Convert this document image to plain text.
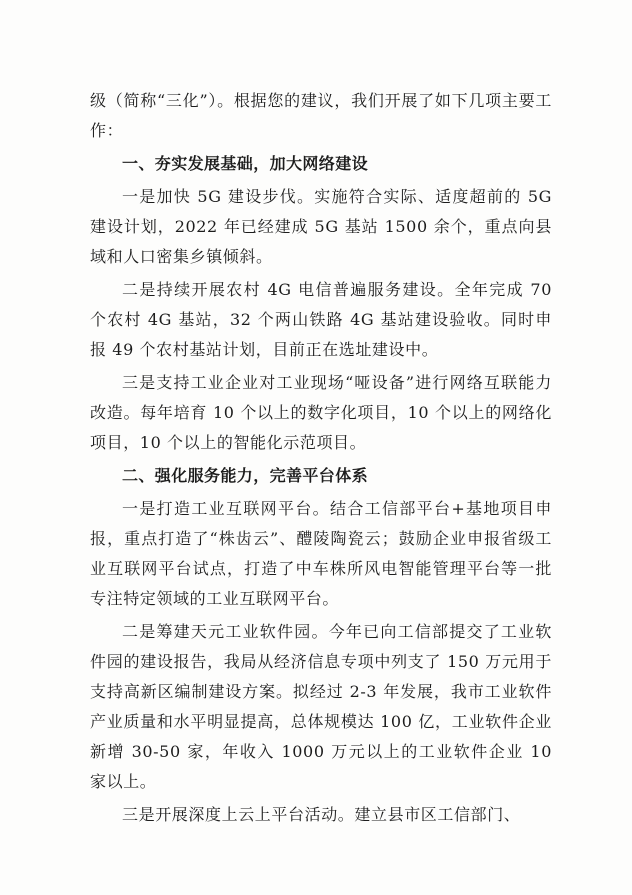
级（简称“三化”）。根据您的建议，我们开展了如下几项主要工作：

一、夯实发展基础，加大网络建设

一是加快 5G 建设步伐。实施符合实际、适度超前的 5G 建设计划，2022 年已经建成 5G 基站 1500 余个，重点向县域和人口密集乡镇倾斜。

二是持续开展农村 4G 电信普遍服务建设。全年完成 70 个农村 4G 基站，32 个两山铁路 4G 基站建设验收。同时申报 49 个农村基站计划，目前正在选址建设中。

三是支持工业企业对工业现场“哑设备”进行网络互联能力改造。每年培育 10 个以上的数字化项目，10 个以上的网络化项目，10 个以上的智能化示范项目。

二、强化服务能力，完善平台体系

一是打造工业互联网平台。结合工信部平台+基地项目申报，重点打造了“株齿云”、醴陵陶瓷云；鼓励企业申报省级工业互联网平台试点，打造了中车株所风电智能管理平台等一批专注特定领域的工业互联网平台。

二是筹建天元工业软件园。今年已向工信部提交了工业软件园的建设报告，我局从经济信息专项中列支了 150 万元用于支持高新区编制建设方案。拟经过 2-3 年发展，我市工业软件产业质量和水平明显提高，总体规模达 100 亿，工业软件企业新增 30-50 家，年收入 1000 万元以上的工业软件企业 10 家以上。

三是开展深度上云上平台活动。建立县市区工信部门、
